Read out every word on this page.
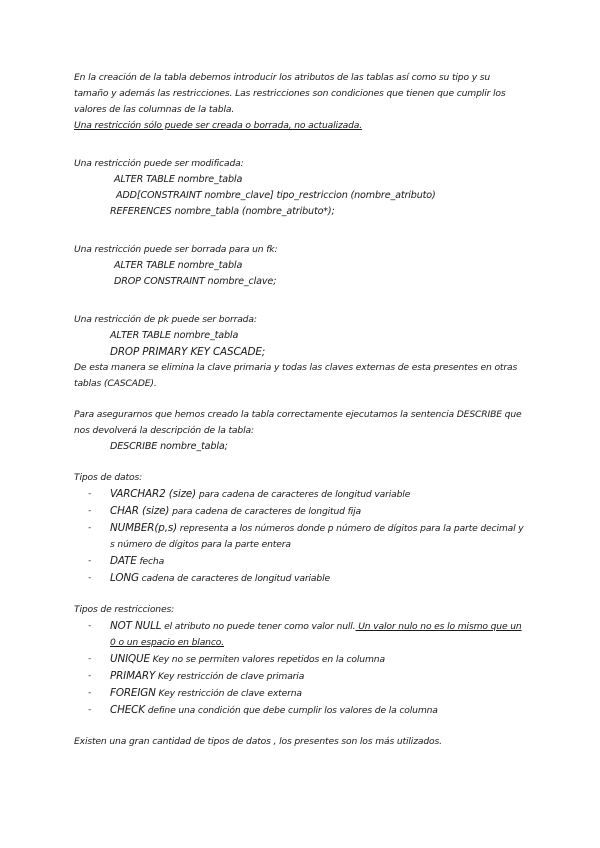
En la creación de la tabla debemos introducir los atributos de las tablas así como su tipo y su tamaño y además las restricciones. Las restricciones son condiciones que tienen que cumplir los valores de las columnas de la tabla.

Una restricción sólo puede ser creada o borrada, no actualizada.

Una restricción puede ser modificada:

ALTER TABLE nombre_tabla

ADD[CONSTRAINT nombre_clave] tipo_restriccion (nombre_atributo)

REFERENCES nombre_tabla (nombre_atributo*);

Una restricción puede ser borrada para un fk:

ALTER TABLE nombre_tabla

DROP CONSTRAINT nombre_clave;

Una restricción de pk puede ser borrada:

ALTER TABLE nombre_tabla

DROP PRIMARY KEY CASCADE;

De esta manera se elimina la clave primaria y todas las claves externas de esta presentes en otras tablas (CASCADE).

Para asegurarnos que hemos creado la tabla correctamente ejecutamos la sentencia DESCRIBE que nos devolverá la descripción de la tabla:

DESCRIBE nombre_tabla;

Tipos de datos:

- VARCHAR2 (size) para cadena de caracteres de longitud variable
- CHAR (size) para cadena de caracteres de longitud fija
- NUMBER(p,s) representa a los números donde p número de dígitos para la parte decimal y s número de dígitos para la parte entera
- DATE fecha
- LONG cadena de caracteres de longitud variable

Tipos de restricciones:

- NOT NULL el atributo no puede tener como valor null. Un valor nulo no es lo mismo que un 0 o un espacio en blanco.
- UNIQUE Key no se permiten valores repetidos en la columna
- PRIMARY Key restricción de clave primaria
- FOREIGN Key restricción de clave externa
- CHECK define una condición que debe cumplir los valores de la columna

Existen una gran cantidad de tipos de datos , los presentes son los más utilizados.
